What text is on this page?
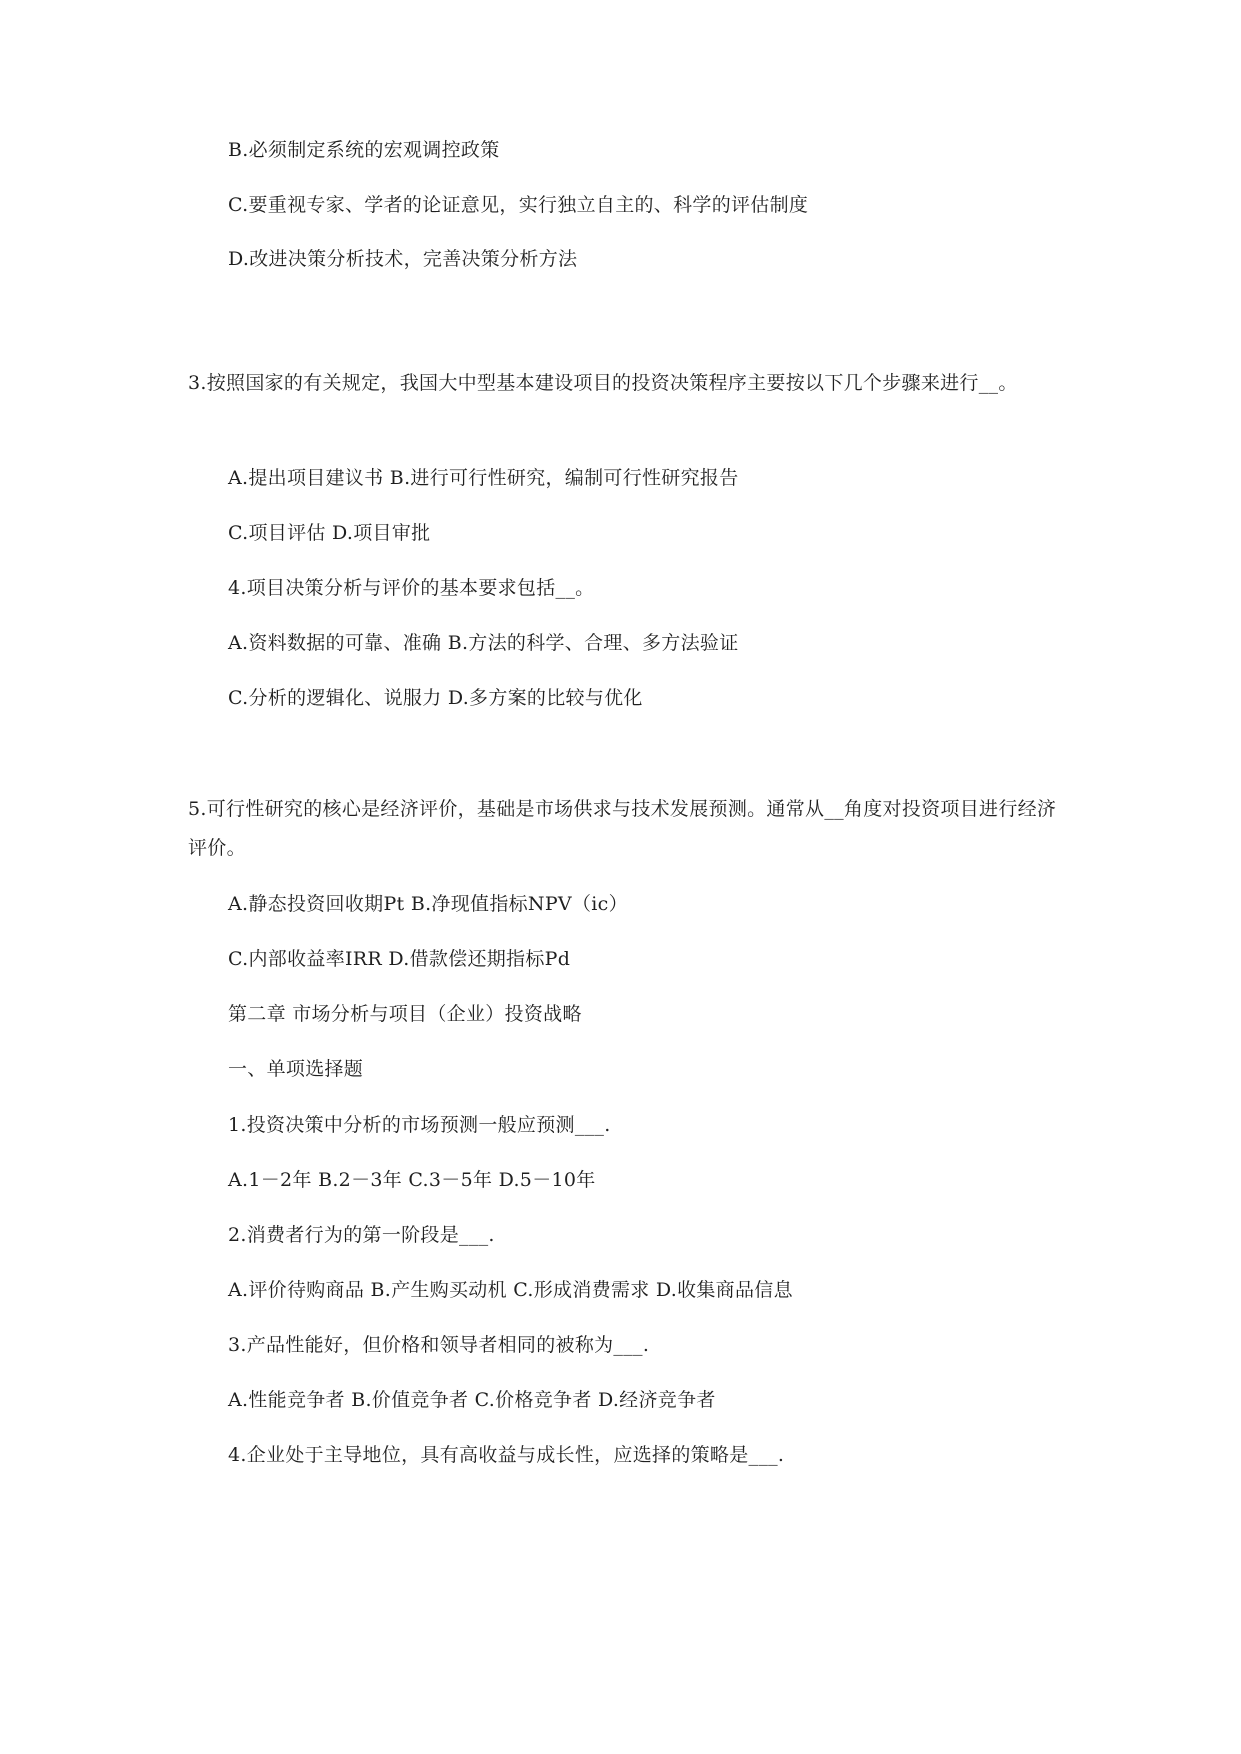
B.必须制定系统的宏观调控政策
C.要重视专家、学者的论证意见，实行独立自主的、科学的评估制度
D.改进决策分析技术，完善决策分析方法
3.按照国家的有关规定，我国大中型基本建设项目的投资决策程序主要按以下几个步骤来进行__。
A.提出项目建议书 B.进行可行性研究，编制可行性研究报告
C.项目评估 D.项目审批
4.项目决策分析与评价的基本要求包括__。
A.资料数据的可靠、准确 B.方法的科学、合理、多方法验证
C.分析的逻辑化、说服力 D.多方案的比较与优化
5.可行性研究的核心是经济评价，基础是市场供求与技术发展预测。通常从__角度对投资项目进行经济评价。
A.静态投资回收期Pt B.净现值指标NPV（ic）
C.内部收益率IRR D.借款偿还期指标Pd
第二章 市场分析与项目（企业）投资战略
一、单项选择题
1.投资决策中分析的市场预测一般应预测___.
A.1－2年 B.2－3年 C.3－5年 D.5－10年
2.消费者行为的第一阶段是___.
A.评价待购商品 B.产生购买动机 C.形成消费需求 D.收集商品信息
3.产品性能好，但价格和领导者相同的被称为___.
A.性能竞争者 B.价值竞争者 C.价格竞争者 D.经济竞争者
4.企业处于主导地位，具有高收益与成长性，应选择的策略是___.
